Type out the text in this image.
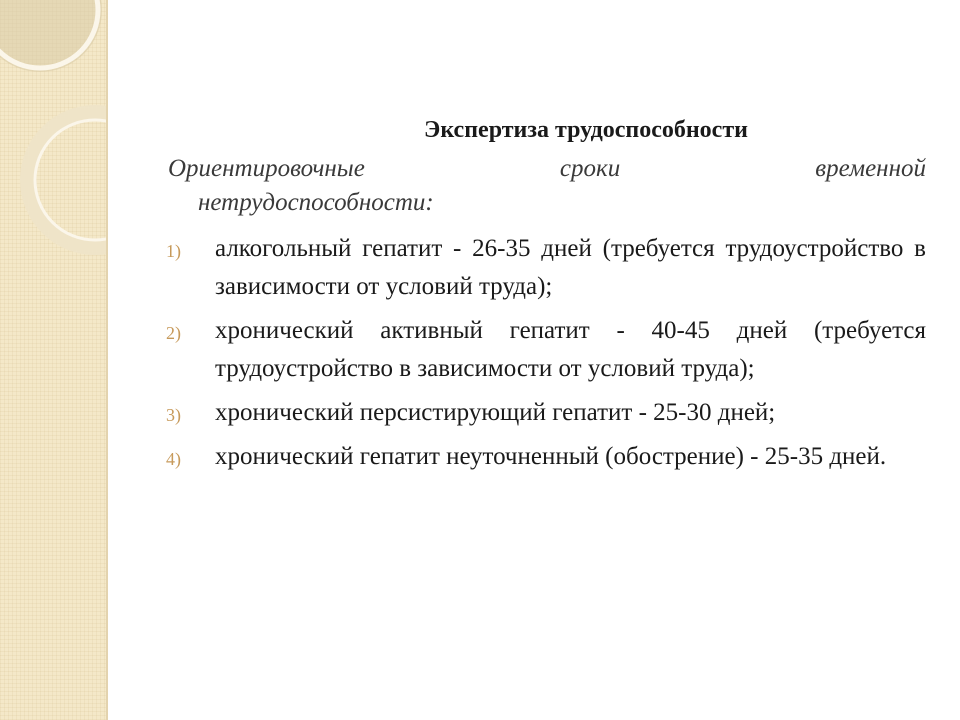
Экспертиза трудоспособности
Ориентировочные	сроки	временной
нетрудоспособности:
1) алкогольный гепатит - 26-35 дней (требуется трудоустройство в зависимости от условий труда);
2) хронический активный гепатит - 40-45 дней (требуется трудоустройство в зависимости от условий труда);
3) хронический персистирующий гепатит - 25-30 дней;
4) хронический гепатит неуточненный (обострение) - 25-35 дней.
